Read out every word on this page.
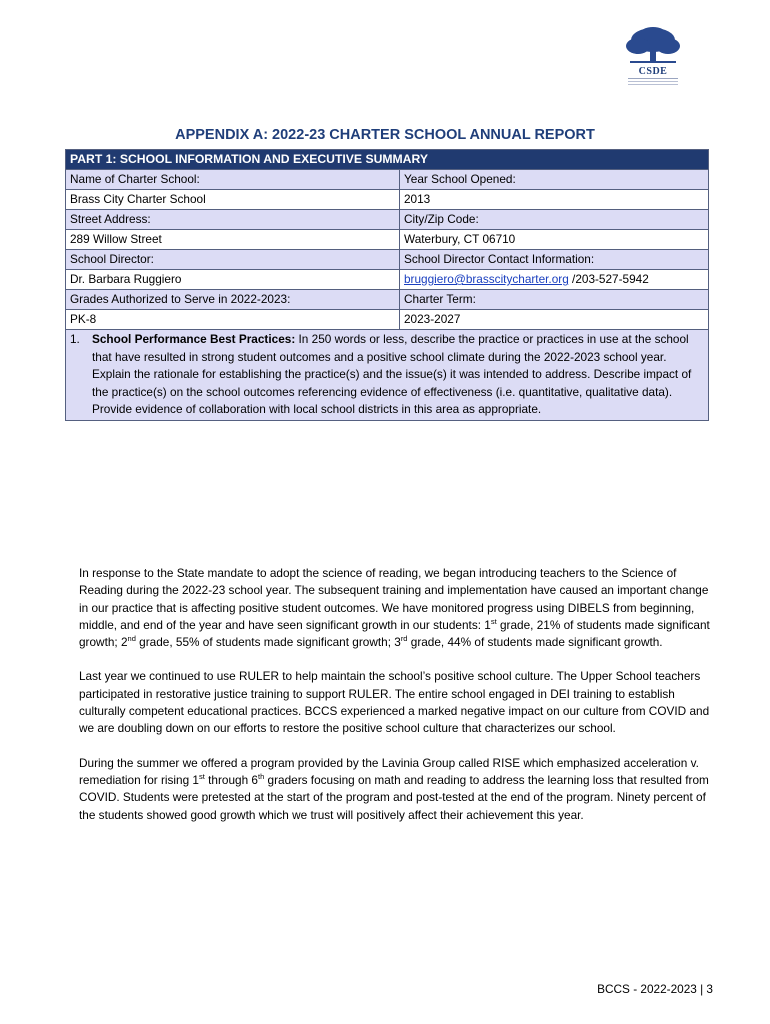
CSDE
APPENDIX A: 2022-23 CHARTER SCHOOL ANNUAL REPORT
PART 1: SCHOOL INFORMATION AND EXECUTIVE SUMMARY	
Name of Charter School:	Year School Opened:
Brass City Charter School	2013
Street Address:	City/Zip Code:
289 Willow Street	Waterbury, CT 06710
School Director:	School Director Contact Information:
Dr. Barbara Ruggiero	bruggiero@brasscitycharter.org /203-527-5942
Grades Authorized to Serve in 2022-2023:	Charter Term:
PK-8	2023-2027

1. School Performance Best Practices: In 250 words or less, describe the practice or practices in use at the school that have resulted in strong student outcomes and a positive school climate during the 2022-2023 school year. Explain the rationale for establishing the practice(s) and the issue(s) it was intended to address. Describe impact of the practice(s) on the school outcomes referencing evidence of effectiveness (i.e. quantitative, qualitative data). Provide evidence of collaboration with local school districts in this area as appropriate.	

In response to the State mandate to adopt the science of reading, we began introducing teachers to the Science of Reading during the 2022-23 school year. The subsequent training and implementation have caused an important change in our practice that is affecting positive student outcomes. We have monitored progress using DIBELS from beginning, middle, and end of the year and have seen significant growth in our students: 1st grade, 21% of students made significant growth; 2nd grade, 55% of students made significant growth; 3rd grade, 44% of students made significant growth.

Last year we continued to use RULER to help maintain the school’s positive school culture. The Upper School teachers participated in restorative justice training to support RULER. The entire school engaged in DEI training to establish culturally competent educational practices. BCCS experienced a marked negative impact on our culture from COVID and we are doubling down on our efforts to restore the positive school culture that characterizes our school.

During the summer we offered a program provided by the Lavinia Group called RISE which emphasized acceleration v. remediation for rising 1st through 6th graders focusing on math and reading to address the learning loss that resulted from COVID. Students were pretested at the start of the program and post-tested at the end of the program. Ninety percent of the students showed good growth which we trust will positively affect their achievement this year.

BCCS - 2022-2023 | 3
